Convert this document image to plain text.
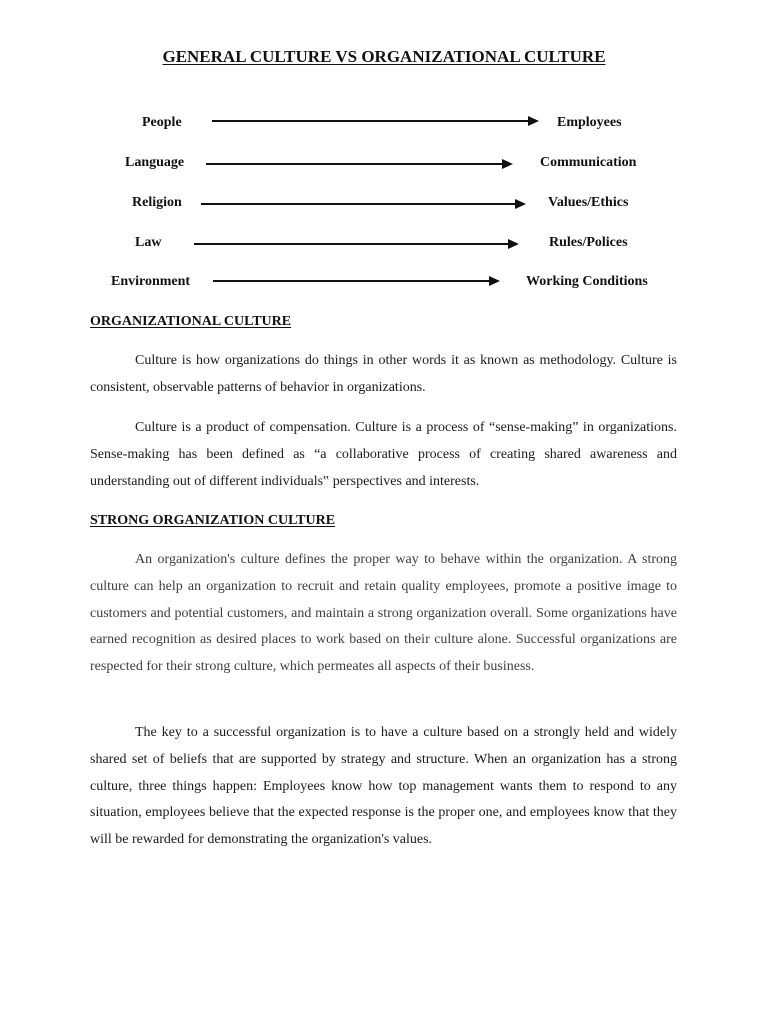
GENERAL CULTURE VS ORGANIZATIONAL CULTURE
People	Employees
Language	Communication
Religion	Values/Ethics
Law	Rules/Polices
Environment	Working Conditions
ORGANIZATIONAL CULTURE

Culture is how organizations do things in other words it as known as methodology. Culture is consistent, observable patterns of behavior in organizations.

Culture is a product of compensation. Culture is a process of “sense-making” in organizations. Sense-making has been defined as “a collaborative process of creating shared awareness and understanding out of different individuals‟ perspectives and interests.

STRONG ORGANIZATION CULTURE

An organization's culture defines the proper way to behave within the organization. A strong culture can help an organization to recruit and retain quality employees, promote a positive image to customers and potential customers, and maintain a strong organization overall. Some organizations have earned recognition as desired places to work based on their culture alone. Successful organizations are respected for their strong culture, which permeates all aspects of their business.

The key to a successful organization is to have a culture based on a strongly held and widely shared set of beliefs that are supported by strategy and structure. When an organization has a strong culture, three things happen: Employees know how top management wants them to respond to any situation, employees believe that the expected response is the proper one, and employees know that they will be rewarded for demonstrating the organization's values.
